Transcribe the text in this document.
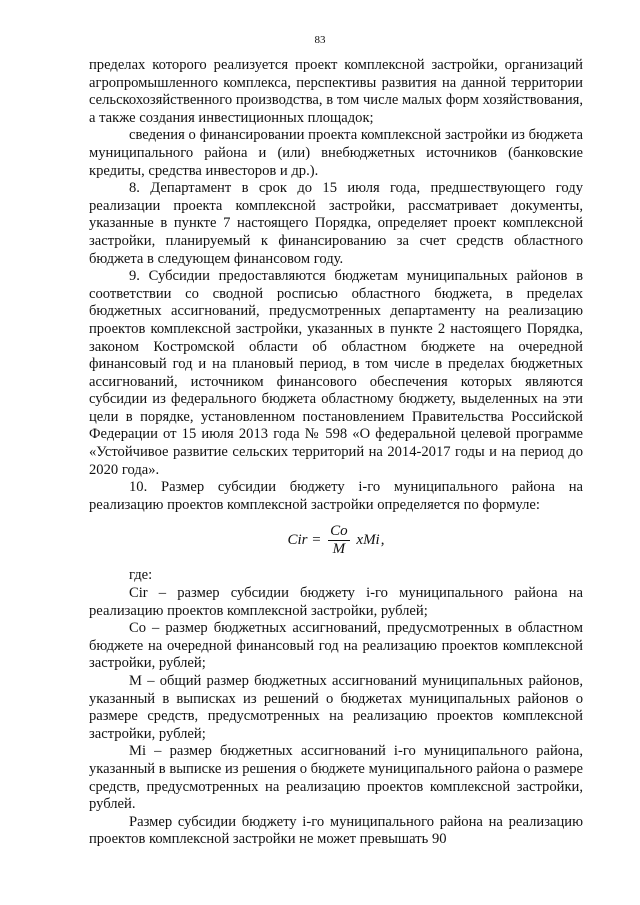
83

пределах которого реализуется проект комплексной застройки, организаций агропромышленного комплекса, перспективы развития на данной территории сельскохозяйственного производства, в том числе малых форм хозяйствования, а также создания инвестиционных площадок;

сведения о финансировании проекта комплексной застройки из бюджета муниципального района и (или) внебюджетных источников (банковские кредиты, средства инвесторов и др.).

8. Департамент в срок до 15 июля года, предшествующего году реализации проекта комплексной застройки, рассматривает документы, указанные в пункте 7 настоящего Порядка, определяет проект комплексной застройки, планируемый к финансированию за счет средств областного бюджета в следующем финансовом году.

9. Субсидии предоставляются бюджетам муниципальных районов в соответствии со сводной росписью областного бюджета, в пределах бюджетных ассигнований, предусмотренных департаменту на реализацию проектов комплексной застройки, указанных в пункте 2 настоящего Порядка, законом Костромской области об областном бюджете на очередной финансовый год и на плановый период, в том числе в пределах бюджетных ассигнований, источником финансового обеспечения которых являются субсидии из федерального бюджета областному бюджету, выделенных на эти цели в порядке, установленном постановлением Правительства Российской Федерации от 15 июля 2013 года № 598 «О федеральной целевой программе «Устойчивое развитие сельских территорий на 2014-2017 годы и на период до 2020 года».

10. Размер субсидии бюджету i-го муниципального района на реализацию проектов комплексной застройки определяется по формуле:

Cir = $\frac{Co}{M}$ xMi ,

где:

Cir – размер субсидии бюджету i-го муниципального района на реализацию проектов комплексной застройки, рублей;

Со – размер бюджетных ассигнований, предусмотренных в областном бюджете на очередной финансовый год на реализацию проектов комплексной застройки, рублей;

М – общий размер бюджетных ассигнований муниципальных районов, указанный в выписках из решений о бюджетах муниципальных районов о размере средств, предусмотренных на реализацию проектов комплексной застройки, рублей;

Mi – размер бюджетных ассигнований i-го муниципального района, указанный в выписке из решения о бюджете муниципального района о размере средств, предусмотренных на реализацию проектов комплексной застройки, рублей.

Размер субсидии бюджету i-го муниципального района на реализацию проектов комплексной застройки не может превышать 90
